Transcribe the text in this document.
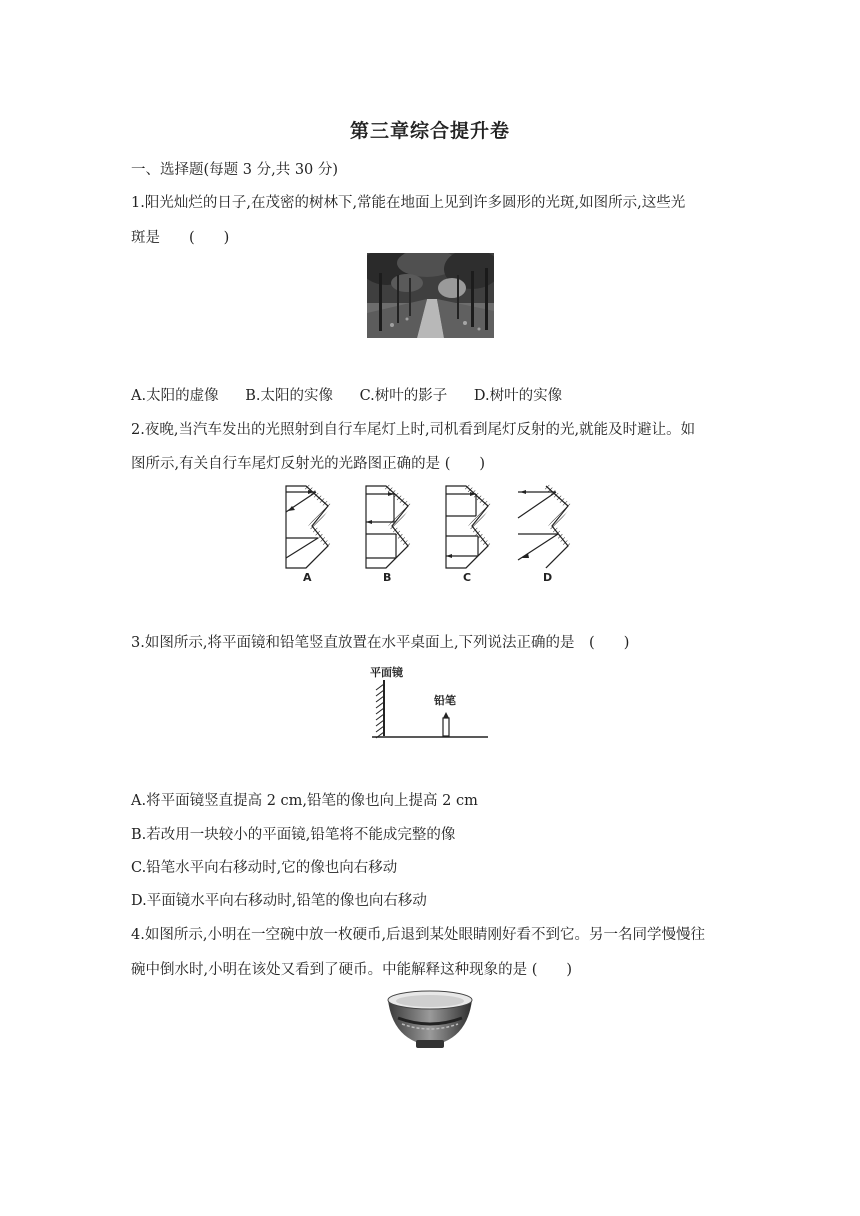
第三章综合提升卷
一、选择题(每题 3 分,共 30 分)
1.阳光灿烂的日子,在茂密的树林下,常能在地面上见到许多圆形的光斑,如图所示,这些光
斑是　　(　　)
A.太阳的虚像 B.太阳的实像 C.树叶的影子 D.树叶的实像
2.夜晚,当汽车发出的光照射到自行车尾灯上时,司机看到尾灯反射的光,就能及时避让。如
图所示,有关自行车尾灯反射光的光路图正确的是 (　　)
A	B	C	D
3.如图所示,将平面镜和铅笔竖直放置在水平桌面上,下列说法正确的是　(　　)
平面镜
铅笔
A.将平面镜竖直提高 2 cm,铅笔的像也向上提高 2 cm
B.若改用一块较小的平面镜,铅笔将不能成完整的像
C.铅笔水平向右移动时,它的像也向右移动
D.平面镜水平向右移动时,铅笔的像也向右移动
4.如图所示,小明在一空碗中放一枚硬币,后退到某处眼睛刚好看不到它。另一名同学慢慢往
碗中倒水时,小明在该处又看到了硬币。中能解释这种现象的是 (　　)
